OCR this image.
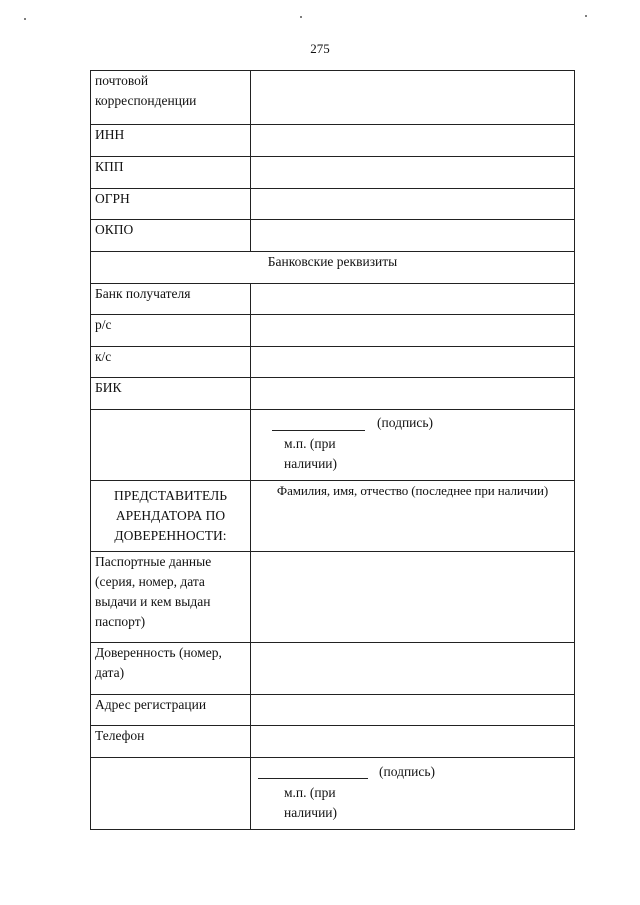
275
почтовой корреспонденции	
ИНН	
КПП	
ОГРН	
ОКПО	
Банковские реквизиты	
Банк получателя	
р/с	
к/с	
БИК	

	(подпись)
м.п. (при
наличии)

ПРЕДСТАВИТЕЛЬ АРЕНДАТОРА ПО ДОВЕРЕННОСТИ:	Фамилия, имя, отчество (последнее при наличии)

Паспортные данные (серия, номер, дата выдачи и кем выдан паспорт)	
Доверенность (номер, дата)	
Адрес регистрации	
Телефон	

	(подпись)
м.п. (при
наличии)
